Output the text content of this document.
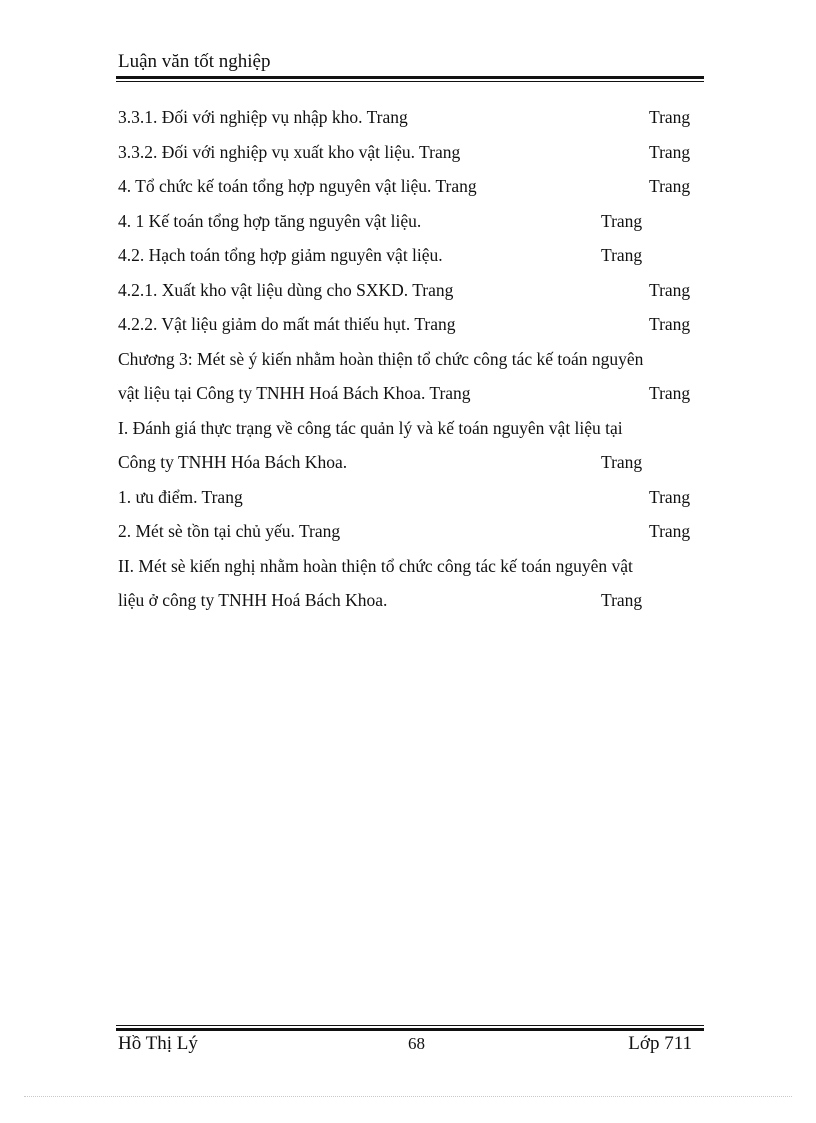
Luận văn tốt nghiệp
3.3.1. Đối với nghiệp vụ nhập kho. Trang	Trang
3.3.2. Đối với nghiệp vụ xuất kho vật liệu. Trang	Trang
4. Tổ chức kế toán tổng hợp nguyên vật liệu. Trang	Trang
4. 1 Kế toán tổng hợp tăng nguyên vật liệu.	Trang
4.2. Hạch toán tổng hợp giảm nguyên vật liệu.	Trang
4.2.1. Xuất kho vật liệu dùng cho SXKD. Trang	Trang
4.2.2. Vật liệu giảm do mất mát thiếu hụt. Trang	Trang
Chương 3: Mét sè ý kiến nhằm hoàn thiện tổ chức công tác kế toán nguyên
vật liệu tại Công ty TNHH Hoá Bách Khoa. Trang	Trang
I. Đánh giá thực trạng về công tác quản lý và kế toán nguyên vật liệu tại
Công ty TNHH Hóa Bách Khoa.	Trang
1. ưu điểm. Trang	Trang
2. Mét sè tồn tại chủ yếu. Trang	Trang
II. Mét sè kiến nghị nhằm hoàn thiện tổ chức công tác kế toán nguyên vật
liệu ở công ty TNHH Hoá Bách Khoa.	Trang
Hồ Thị Lý	68	Lớp 711
